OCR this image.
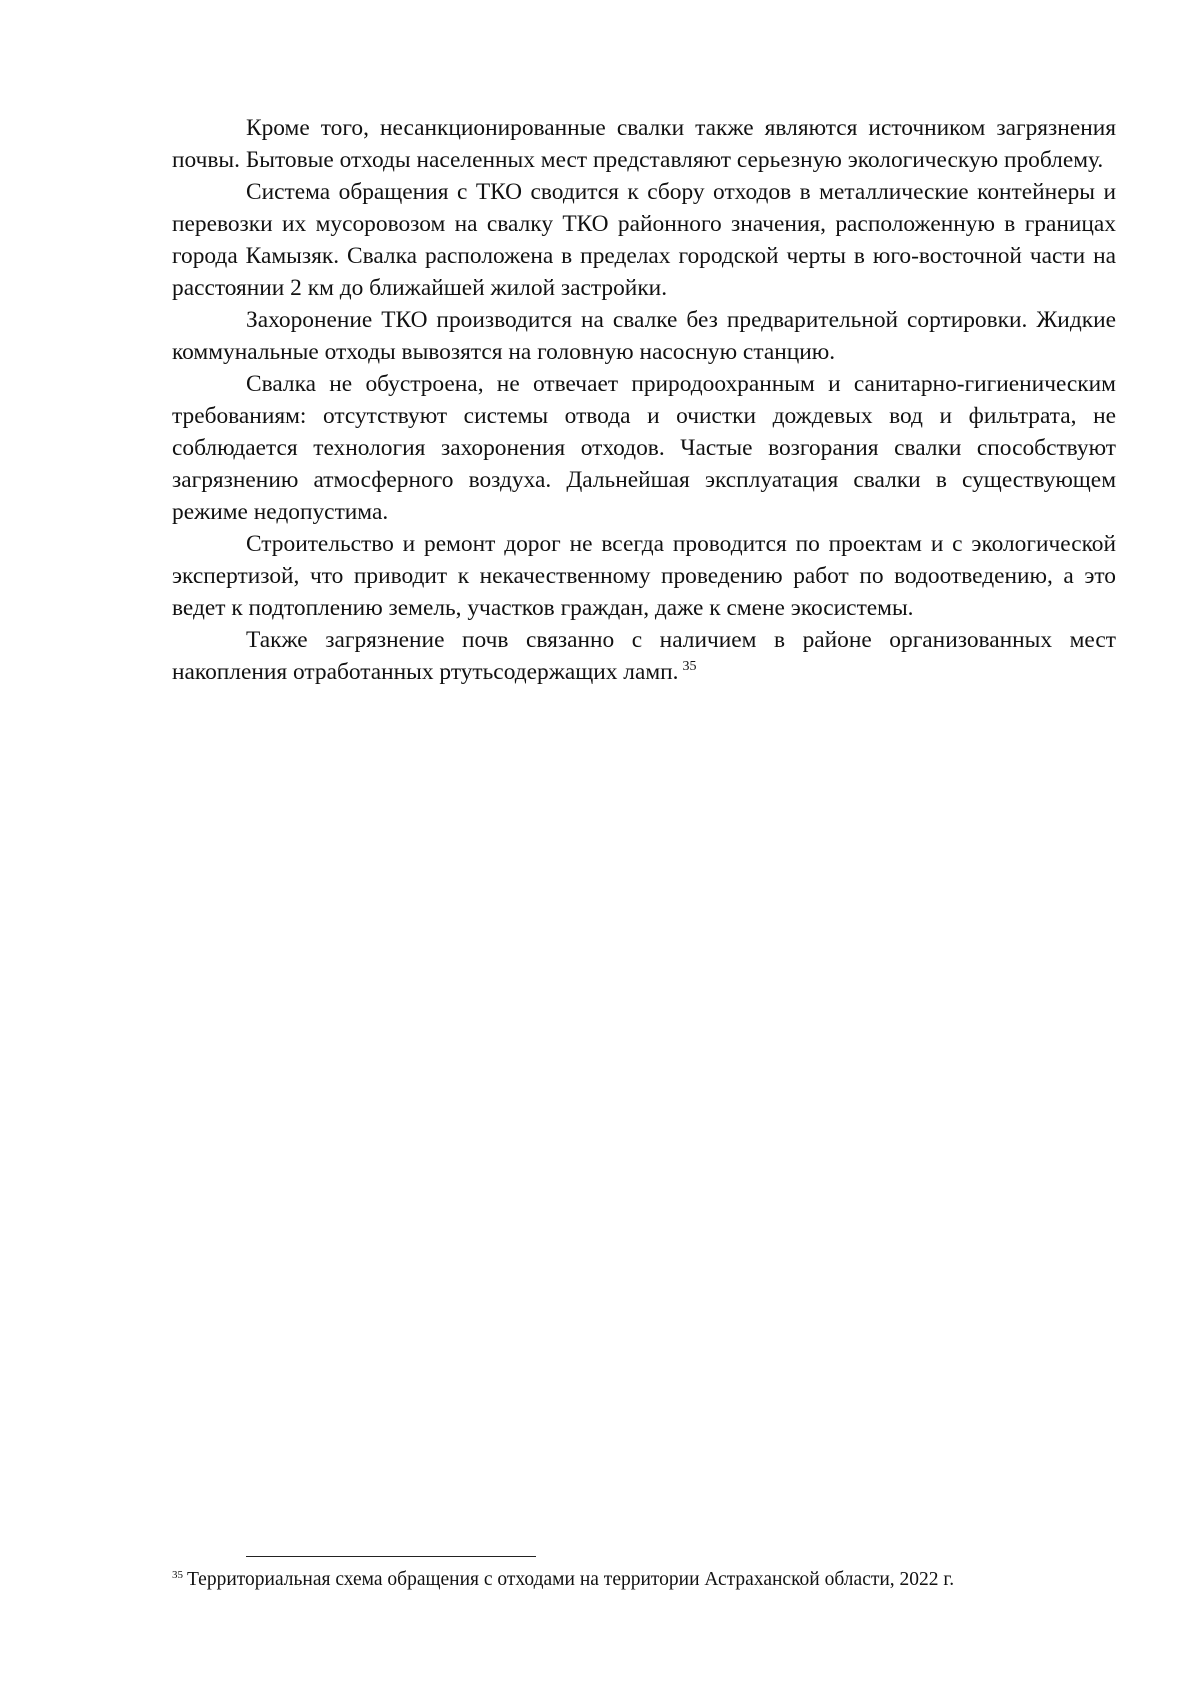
Кроме того, несанкционированные свалки также являются источником загрязнения почвы. Бытовые отходы населенных мест представляют серьезную экологическую проблему.

Система обращения с ТКО сводится к сбору отходов в металлические контейнеры и перевозки их мусоровозом на свалку ТКО районного значения, расположенную в границах города Камызяк. Свалка расположена в пределах городской черты в юго-восточной части на расстоянии 2 км до ближайшей жилой застройки.

Захоронение ТКО производится на свалке без предварительной сортировки. Жидкие коммунальные отходы вывозятся на головную насосную станцию.

Свалка не обустроена, не отвечает природоохранным и санитарно-гигиеническим требованиям: отсутствуют системы отвода и очистки дождевых вод и фильтрата, не соблюдается технология захоронения отходов. Частые возгорания свалки способствуют загрязнению атмосферного воздуха. Дальнейшая эксплуатация свалки в существующем режиме недопустима.

Строительство и ремонт дорог не всегда проводится по проектам и с экологической экспертизой, что приводит к некачественному проведению работ по водоотведению, а это ведет к подтоплению земель, участков граждан, даже к смене экосистемы.

Также загрязнение почв связанно с наличием в районе организованных мест накопления отработанных ртутьсодержащих ламп. $^{35}$

$^{35}$ Территориальная схема обращения с отходами на территории Астраханской области, 2022 г.
